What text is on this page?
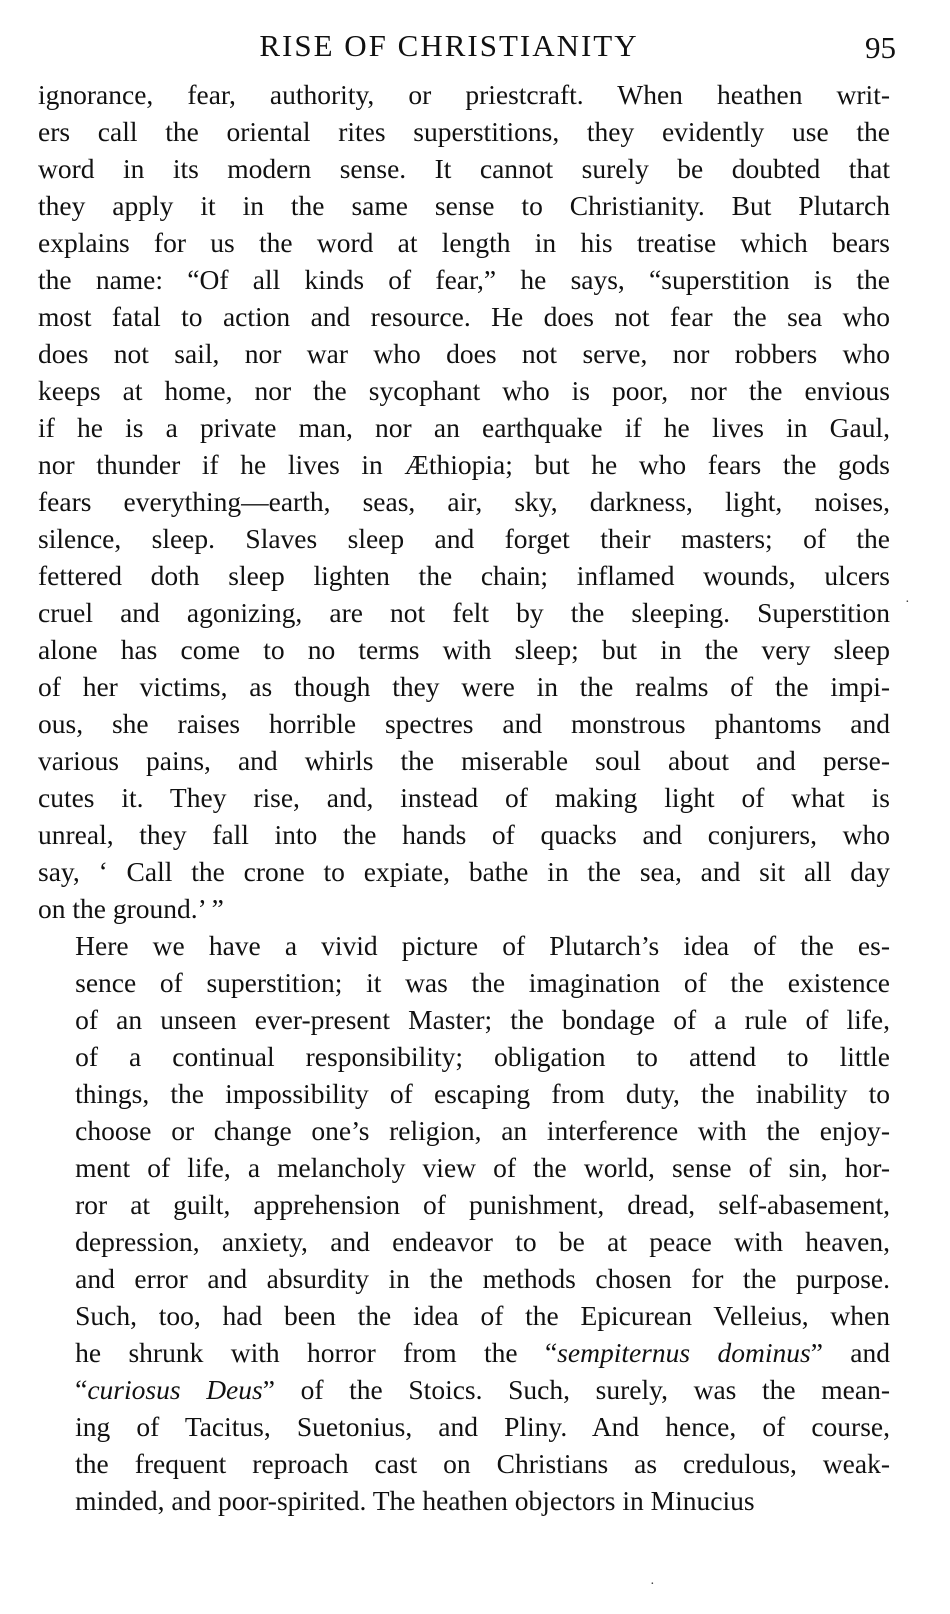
RISE OF CHRISTIANITY	95

ignorance, fear, authority, or priestcraft. When heathen writ-
ers call the oriental rites superstitions, they evidently use the
word in its modern sense. It cannot surely be doubted that
they apply it in the same sense to Christianity. But Plutarch
explains for us the word at length in his treatise which bears
the name: “Of all kinds of fear,” he says, “superstition is the
most fatal to action and resource. He does not fear the sea who
does not sail, nor war who does not serve, nor robbers who
keeps at home, nor the sycophant who is poor, nor the envious
if he is a private man, nor an earthquake if he lives in Gaul,
nor thunder if he lives in Æthiopia; but he who fears the gods
fears everything—earth, seas, air, sky, darkness, light, noises,
silence, sleep. Slaves sleep and forget their masters; of the
fettered doth sleep lighten the chain; inflamed wounds, ulcers
cruel and agonizing, are not felt by the sleeping. Superstition
alone has come to no terms with sleep; but in the very sleep
of her victims, as though they were in the realms of the impi-
ous, she raises horrible spectres and monstrous phantoms and
various pains, and whirls the miserable soul about and perse-
cutes it. They rise, and, instead of making light of what is
unreal, they fall into the hands of quacks and conjurers, who
say, ‘ Call the crone to expiate, bathe in the sea, and sit all day
on the ground.’ ”

Here we have a vivid picture of Plutarch’s idea of the es-
sence of superstition; it was the imagination of the existence
of an unseen ever-present Master; the bondage of a rule of life,
of a continual responsibility; obligation to attend to little
things, the impossibility of escaping from duty, the inability to
choose or change one’s religion, an interference with the enjoy-
ment of life, a melancholy view of the world, sense of sin, hor-
ror at guilt, apprehension of punishment, dread, self-abasement,
depression, anxiety, and endeavor to be at peace with heaven,
and error and absurdity in the methods chosen for the purpose.
Such, too, had been the idea of the Epicurean Velleius, when
he shrunk with horror from the “sempiternus dominus” and
“curiosus Deus” of the Stoics. Such, surely, was the mean-
ing of Tacitus, Suetonius, and Pliny. And hence, of course,
the frequent reproach cast on Christians as credulous, weak-
minded, and poor-spirited. The heathen objectors in Minucius

·
·
